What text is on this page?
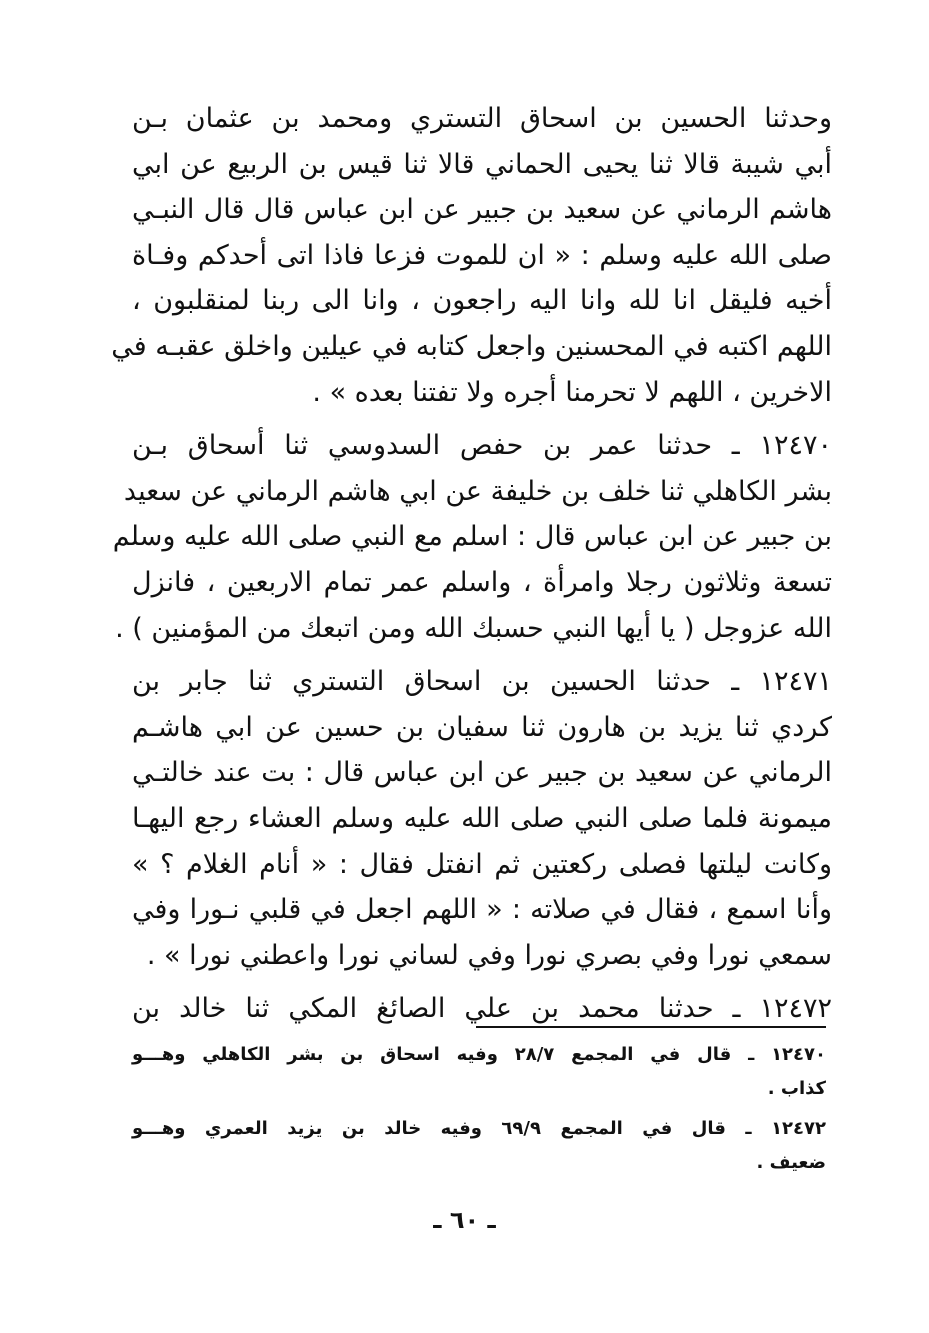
وحدثنا الحسين بن اسحاق التستري ومحمد بن عثمان بـن
أبي شيبة قالا ثنا يحيى الحماني قالا ثنا قيس بن الربيع عن ابي
هاشم الرماني عن سعيد بن جبير عن ابن عباس قال قال النبـي
صلى الله عليه وسلم : « ان للموت فزعا فاذا اتى أحدكم وفـاة
أخيه فليقل انا لله وانا اليه راجعون ، وانا الى ربنا لمنقلبون ،
اللهم اكتبه في المحسنين واجعل كتابه في عيلين واخلق عقبـه في
الاخرين ، اللهم لا تحرمنا أجره ولا تفتنا بعده » .
١٢٤٧٠ ـ حدثنا عمر بن حفص السدوسي ثنا أسحاق بـن
بشر الكاهلي ثنا خلف بن خليفة عن ابي هاشم الرماني عن سعيد
بن جبير عن ابن عباس قال : اسلم مع النبي صلى الله عليه وسلم
تسعة وثلاثون رجلا وامرأة ، واسلم عمر تمام الاربعين ، فانزل
الله عزوجل ( يا أيها النبي حسبك الله ومن اتبعك من المؤمنين ) .
١٢٤٧١ ـ حدثنا الحسين بن اسحاق التستري ثنا جابر بن
كردي ثنا يزيد بن هارون ثنا سفيان بن حسين عن ابي هاشـم
الرماني عن سعيد بن جبير عن ابن عباس قال : بت عند خالتـي
ميمونة فلما صلى النبي صلى الله عليه وسلم العشاء رجع اليهـا
وكانت ليلتها فصلى ركعتين ثم انفتل فقال : « أنام الغلام ؟ »
وأنا اسمع ، فقال في صلاته : « اللهم اجعل في قلبي نـورا وفي
سمعي نورا وفي بصري نورا وفي لساني نورا واعطني نورا » .
١٢٤٧٢ ـ حدثنا محمد بن علي الصائغ المكي ثنا خالد بن
١٢٤٧٠ ـ قال في المجمع ٢٨/٧ وفيه اسحاق بن بشر الكاهلي وهـــو
كذاب .
١٢٤٧٢ ـ قال في المجمع ٦٩/٩ وفيه خالد بن يزيد العمري وهـــو
ضعيف .
ـ ٦٠ ـ
